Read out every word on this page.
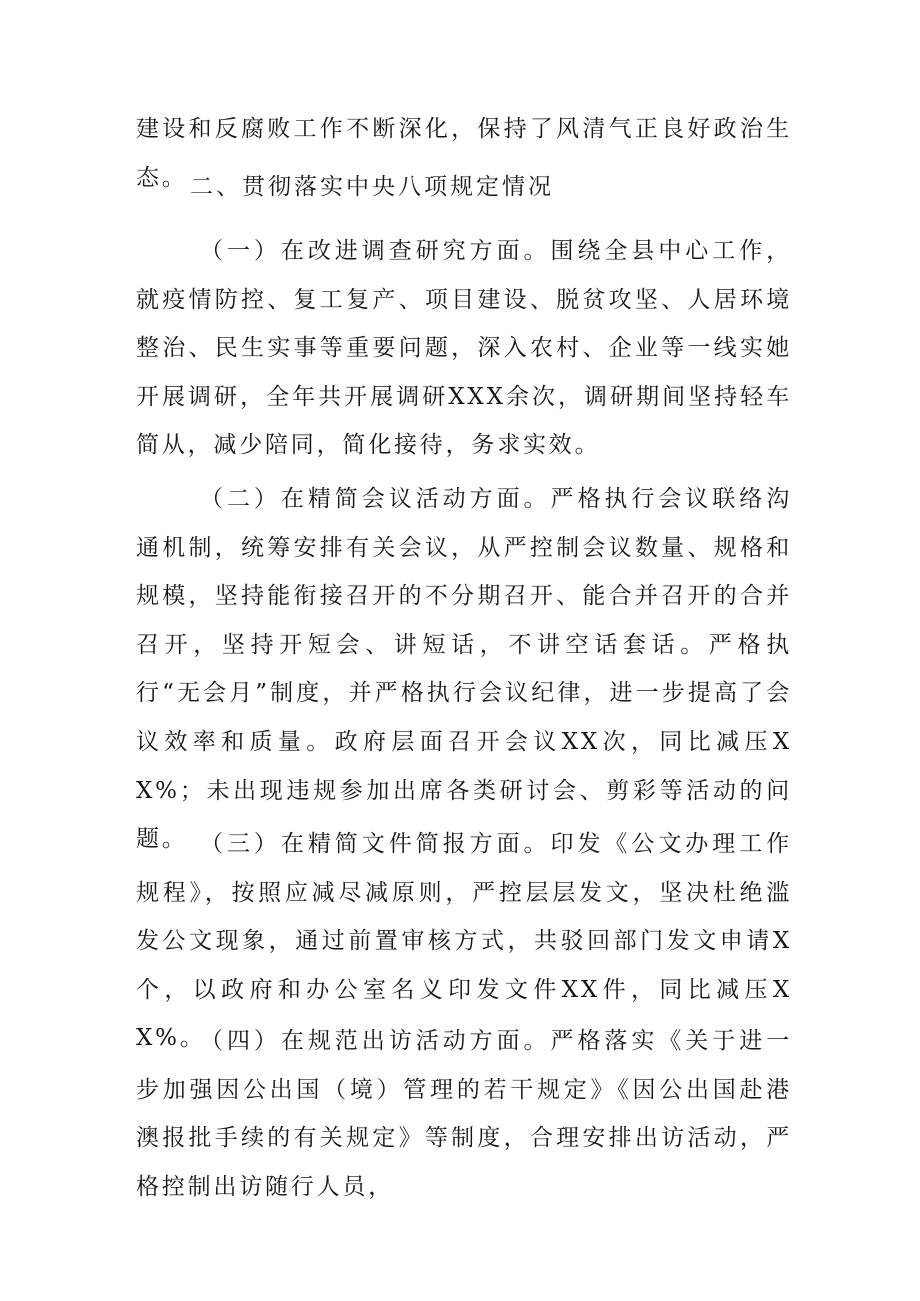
建设和反腐败工作不断深化，保持了风清气正良好政治生态。 二、贯彻落实中央八项规定情况
（一）在改进调查研究方面。围绕全县中心工作，就疫情防控、复工复产、项目建设、脱贫攻坚、人居环境整治、民生实事等重要问题，深入农村、企业等一线实她开展调研，全年共开展调研XXX余次，调研期间坚持轻车简从，减少陪同，简化接待，务求实效。
（二）在精简会议活动方面。严格执行会议联络沟通机制，统筹安排有关会议，从严控制会议数量、规格和规模，坚持能衔接召开的不分期召开、能合并召开的合并召开，坚持开短会、讲短话，不讲空话套话。严格执行“无会月”制度，并严格执行会议纪律，进一步提高了会议效率和质量。政府层面召开会议XX次，同比减压XX%；未出现违规参加出席各类研讨会、剪彩等活动的问题。 （三）在精简文件简报方面。印发《公文办理工作规程》，按照应减尽减原则，严控层层发文，坚决杜绝滥发公文现象，通过前置审核方式，共驳回部门发文申请X个，以政府和办公室名义印发文件XX件，同比减压XX%。
（四）在规范出访活动方面。严格落实《关于进一步加强因公出国（境）管理的若干规定》《因公出国赴港澳报批手续的有关规定》等制度，合理安排出访活动，严格控制出访随行人员，
